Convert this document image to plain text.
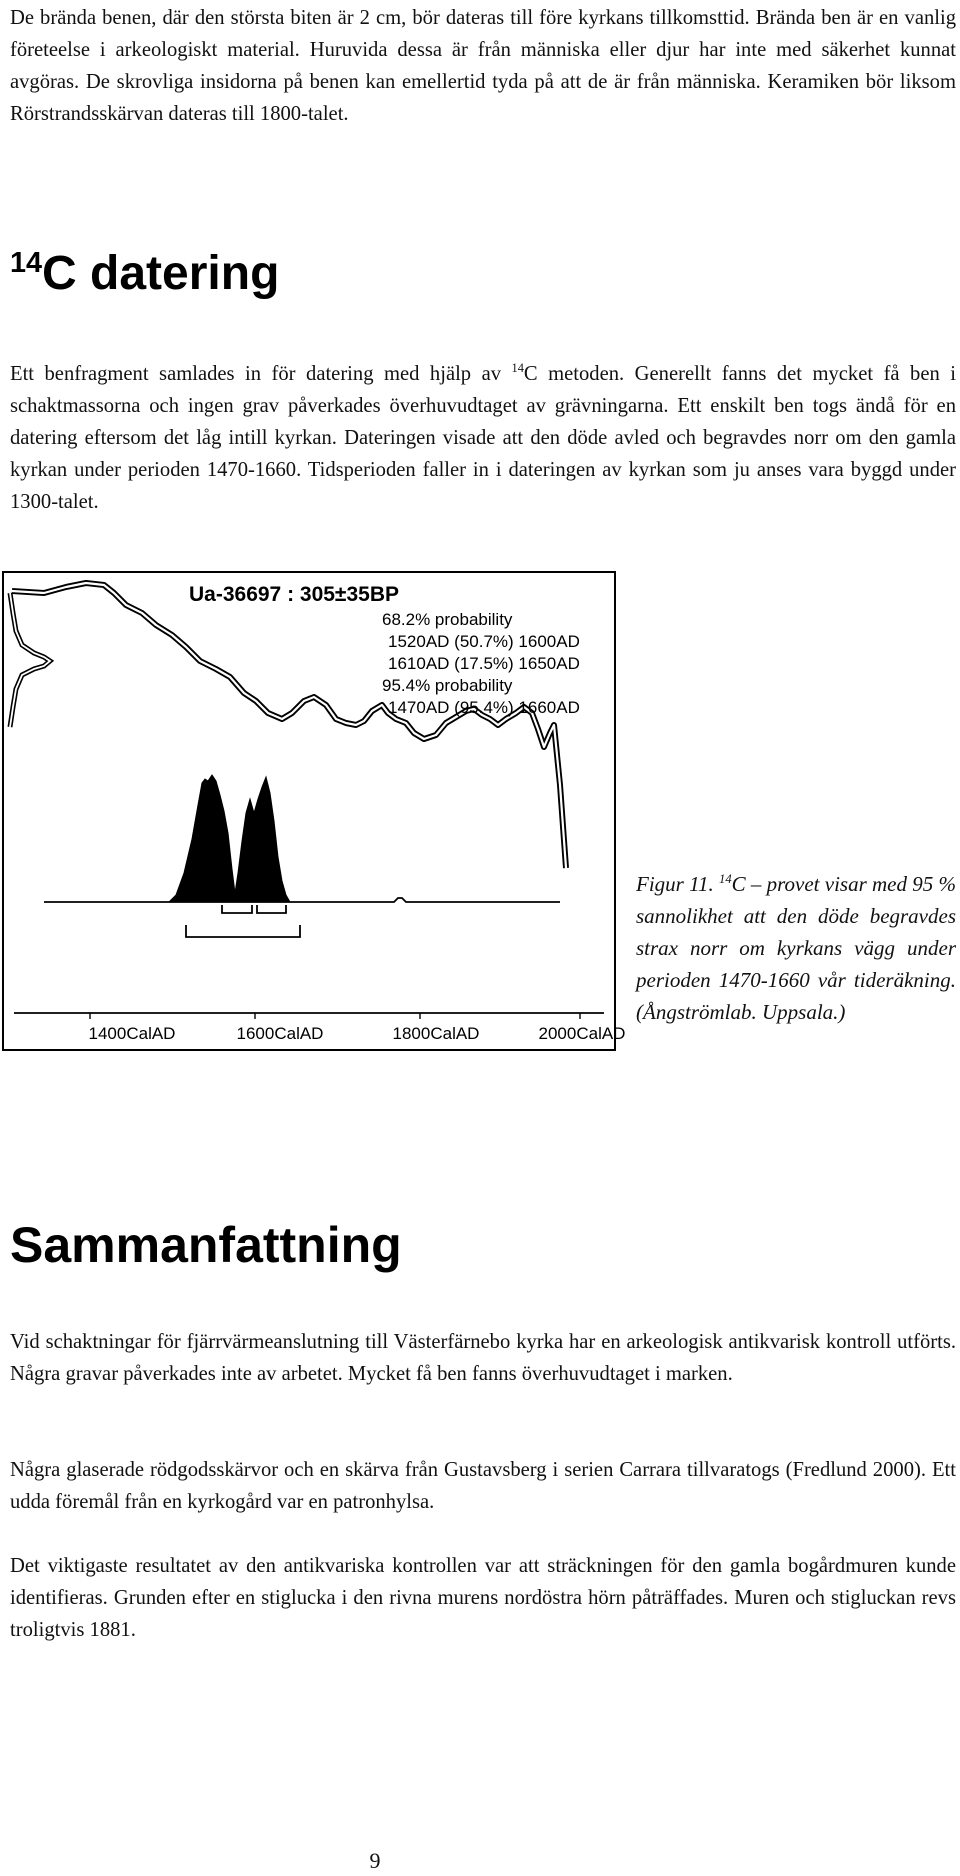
De brända benen, där den största biten är 2 cm, bör dateras till före kyrkans tillkomsttid. Brända ben är en vanlig företeelse i arkeologiskt material. Huruvida dessa är från människa eller djur har inte med säkerhet kunnat avgöras. De skrovliga insidorna på benen kan emellertid tyda på att de är från människa. Keramiken bör liksom Rörstrandsskärvan dateras till 1800-talet.

$^{14}$C datering

Ett benfragment samlades in för datering med hjälp av $^{14}$C metoden. Generellt fanns det mycket få ben i schaktmassorna och ingen grav påverkades överhuvudtaget av grävningarna. Ett enskilt ben togs ändå för en datering eftersom det låg intill kyrkan. Dateringen visade att den döde avled och begravdes norr om den gamla kyrkan under perioden 1470-1660. Tidsperioden faller in i dateringen av kyrkan som ju anses vara byggd under 1300-talet.

1400CalAD	1600CalAD	1800CalAD	2000CalAD
Ua-36697 : 305±35BP
68.2% probability
1520AD (50.7%) 1600AD
1610AD (17.5%) 1650AD
95.4% probability
1470AD (95.4%) 1660AD

Figur 11. $^{14}$C – provet visar med 95 % sannolikhet att den döde begravdes strax norr om kyrkans vägg under perioden 1470-1660 vår tideräkning. (Ångströmlab. Uppsala.)

Sammanfattning

Vid schaktningar för fjärrvärmeanslutning till Västerfärnebo kyrka har en arkeologisk antikvarisk kontroll utförts. Några gravar påverkades inte av arbetet. Mycket få ben fanns överhuvudtaget i marken.

Några glaserade rödgodsskärvor och en skärva från Gustavsberg i serien Carrara tillvaratogs (Fredlund 2000). Ett udda föremål från en kyrkogård var en patronhylsa.

Det viktigaste resultatet av den antikvariska kontrollen var att sträckningen för den gamla bogårdmuren kunde identifieras. Grunden efter en stiglucka i den rivna murens nordöstra hörn påträffades. Muren och stigluckan revs troligtvis 1881.

9
